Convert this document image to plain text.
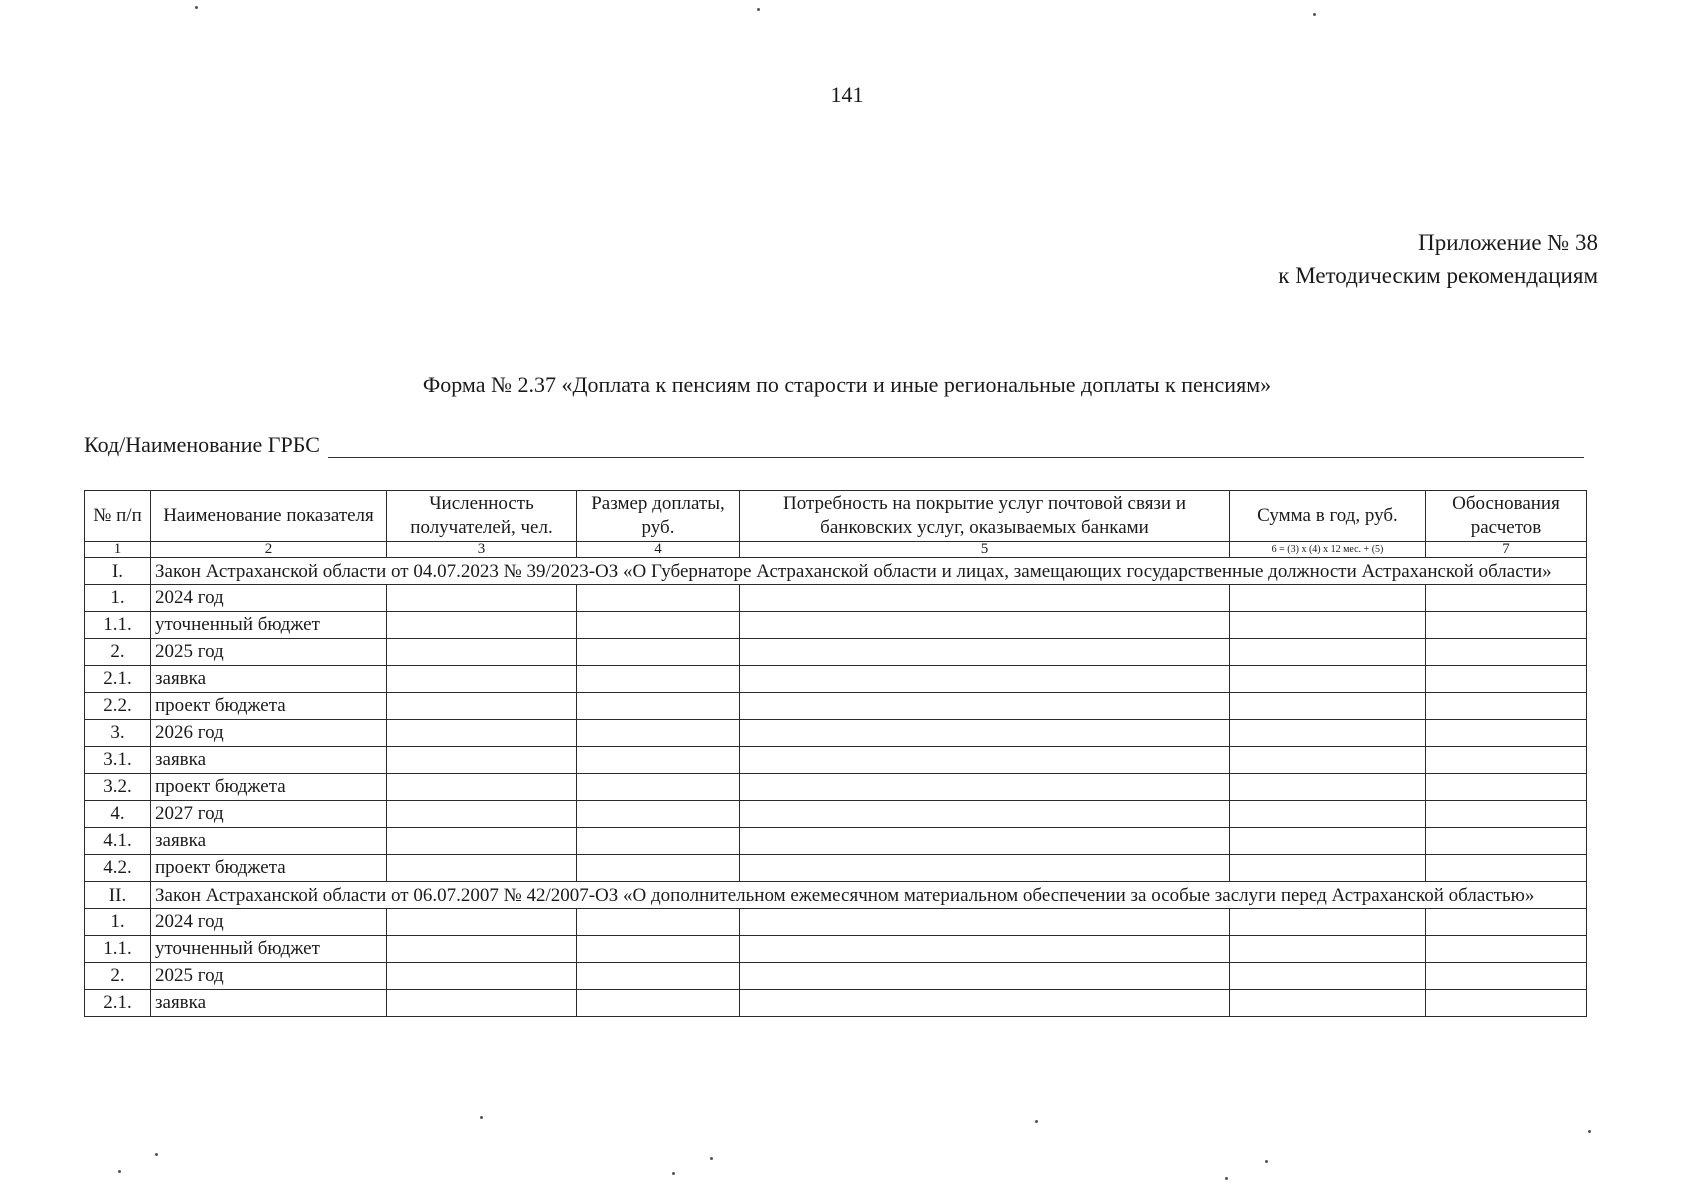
141
Приложение № 38
к Методическим рекомендациям
Форма № 2.37 «Доплата к пенсиям по старости и иные региональные доплаты к пенсиям»
Код/Наименование ГРБС
№ п/п	Наименование показателя	Численность получателей, чел.	Размер доплаты, руб.	Потребность на покрытие услуг почтовой связи и банковских услуг, оказываемых банками	Сумма в год, руб.	Обоснования расчетов
1	2	3	4	5	6 = (3) x (4) x 12 мес. + (5)	7
I.	Закон Астраханской области от 04.07.2023 № 39/2023-ОЗ «О Губернаторе Астраханской области и лицах, замещающих государственные должности Астраханской области»					
1.	2024 год					
1.1.	уточненный бюджет					
2.	2025 год					
2.1.	заявка					
2.2.	проект бюджета					
3.	2026 год					
3.1.	заявка					
3.2.	проект бюджета					
4.	2027 год					
4.1.	заявка					
4.2.	проект бюджета					
II.	Закон Астраханской области от 06.07.2007 № 42/2007-ОЗ «О дополнительном ежемесячном материальном обеспечении за особые заслуги перед Астраханской областью»					
1.	2024 год					
1.1.	уточненный бюджет					
2.	2025 год					
2.1.	заявка					
